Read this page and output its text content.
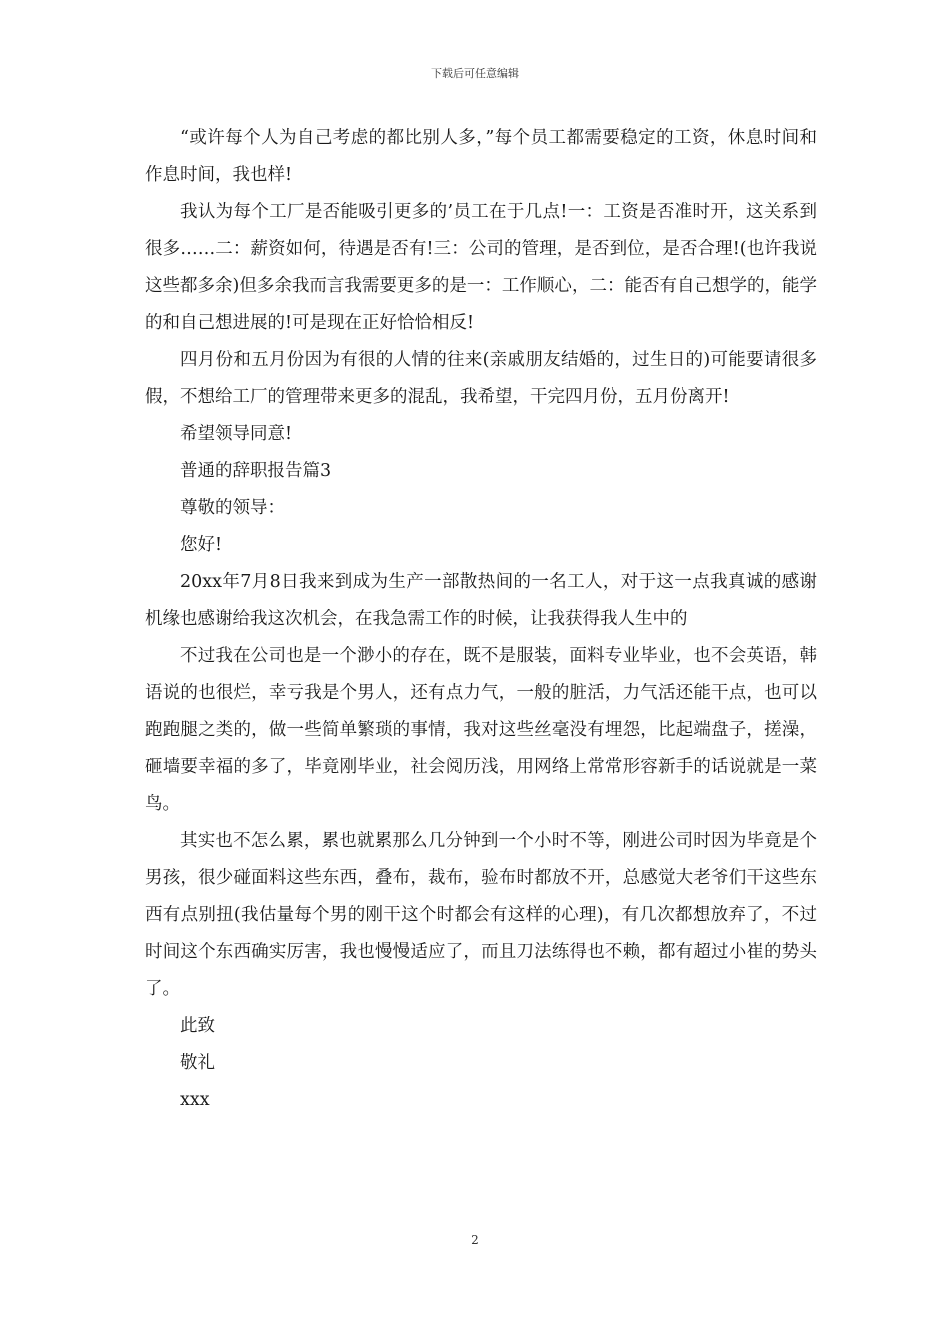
下载后可任意编辑

“或许每个人为自己考虑的都比别人多，”每个员工都需要稳定的工资，休息时间和作息时间，我也样!

我认为每个工厂是否能吸引更多的’员工在于几点!一：工资是否准时开，这关系到很多……二：薪资如何，待遇是否有!三：公司的管理，是否到位，是否合理!(也许我说这些都多余)但多余我而言我需要更多的是一：工作顺心，二：能否有自己想学的，能学的和自己想进展的!可是现在正好恰恰相反!

四月份和五月份因为有很的人情的往来(亲戚朋友结婚的，过生日的)可能要请很多假，不想给工厂的管理带来更多的混乱，我希望，干完四月份，五月份离开!

希望领导同意!

普通的辞职报告篇3

尊敬的领导：

您好!

20xx年7月8日我来到成为生产一部散热间的一名工人，对于这一点我真诚的感谢机缘也感谢给我这次机会，在我急需工作的时候，让我获得我人生中的

不过我在公司也是一个渺小的存在，既不是服装，面料专业毕业，也不会英语，韩语说的也很烂，幸亏我是个男人，还有点力气，一般的脏活，力气活还能干点，也可以跑跑腿之类的，做一些简单繁琐的事情，我对这些丝毫没有埋怨，比起端盘子，搓澡，砸墙要幸福的多了，毕竟刚毕业，社会阅历浅，用网络上常常形容新手的话说就是一菜鸟。

其实也不怎么累，累也就累那么几分钟到一个小时不等，刚进公司时因为毕竟是个男孩，很少碰面料这些东西，叠布，裁布，验布时都放不开，总感觉大老爷们干这些东西有点别扭(我估量每个男的刚干这个时都会有这样的心理)，有几次都想放弃了，不过时间这个东西确实厉害，我也慢慢适应了，而且刀法练得也不赖，都有超过小崔的势头了。

此致

敬礼

xxx

2
